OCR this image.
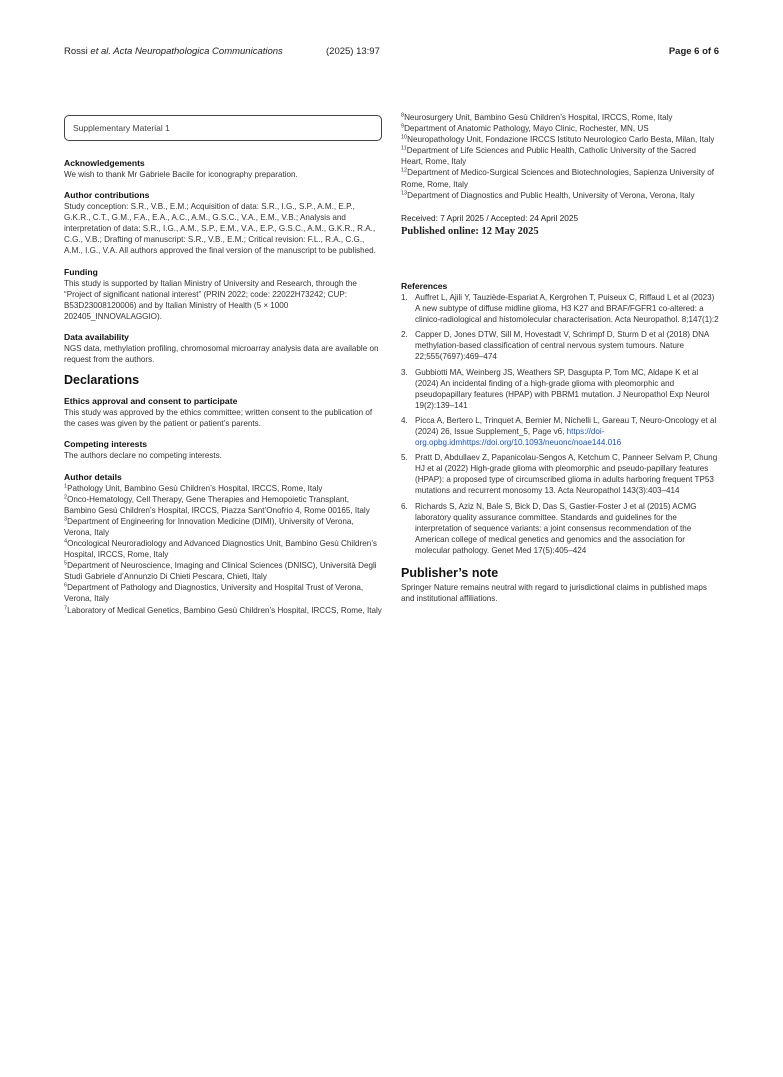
Rossi et al. Acta Neuropathologica Communications	(2025) 13:97	Page 6 of 6
Supplementary Material 1
Acknowledgements

We wish to thank Mr Gabriele Bacile for iconography preparation.

Author contributions

Study conception: S.R., V.B., E.M.; Acquisition of data: S.R., I.G., S.P., A.M., E.P., G.K.R., C.T., G.M., F.A., E.A., A.C., A.M., G.S.C., V.A., E.M., V.B.; Analysis and interpretation of data: S.R., I.G., A.M., S.P., E.M., V.A., E.P., G.S.C., A.M., G.K.R., R.A., C.G., V.B.; Drafting of manuscript: S.R., V.B., E.M.; Critical revision: F.L., R.A., C.G., A.M., I.G., V.A. All authors approved the final version of the manuscript to be published.

Funding

This study is supported by Italian Ministry of University and Research, through the “Project of significant national interest” (PRIN 2022; code: 22022H73242; CUP: B53D23008120006) and by Italian Ministry of Health (5 × 1000 202405_INNOVALAGGIO).

Data availability

NGS data, methylation profiling, chromosomal microarray analysis data are available on request from the authors.

Declarations
Ethics approval and consent to participate

This study was approved by the ethics committee; written consent to the publication of the cases was given by the patient or patient’s parents.

Competing interests

The authors declare no competing interests.

Author details

$^1$Pathology Unit, Bambino Gesù Children’s Hospital, IRCCS, Rome, Italy

$^2$Onco-Hematology, Cell Therapy, Gene Therapies and Hemopoietic Transplant, Bambino Gesù Children’s Hospital, IRCCS, Piazza Sant’Onofrio 4, Rome 00165, Italy

$^3$Department of Engineering for Innovation Medicine (DIMI), University of Verona, Verona, Italy

$^4$Oncological Neuroradiology and Advanced Diagnostics Unit, Bambino Gesù Children’s Hospital, IRCCS, Rome, Italy

$^5$Department of Neuroscience, Imaging and Clinical Sciences (DNISC), Università Degli Studi Gabriele d’Annunzio Di Chieti Pescara, Chieti, Italy

$^6$Department of Pathology and Diagnostics, University and Hospital Trust of Verona, Verona, Italy

$^7$Laboratory of Medical Genetics, Bambino Gesù Children’s Hospital, IRCCS, Rome, Italy

$^8$Neurosurgery Unit, Bambino Gesù Children’s Hospital, IRCCS, Rome, Italy

$^9$Department of Anatomic Pathology, Mayo Clinic, Rochester, MN, US

$^{10}$Neuropathology Unit, Fondazione IRCCS Istituto Neurologico Carlo Besta, Milan, Italy

$^{11}$Department of Life Sciences and Public Health, Catholic University of the Sacred Heart, Rome, Italy

$^{12}$Department of Medico-Surgical Sciences and Biotechnologies, Sapienza University of Rome, Rome, Italy

$^{13}$Department of Diagnostics and Public Health, University of Verona, Verona, Italy

Received: 7 April 2025 / Accepted: 24 April 2025

Published online: 12 May 2025

References
1. Auffret L, Ajili Y, Tauziède-Espariat A, Kergrohen T, Puiseux C, Riffaud L et al (2023) A new subtype of diffuse midline glioma, H3 K27 and BRAF/FGFR1 co-altered: a clinico-radiological and histomolecular characterisation. Acta Neuropathol. 8;147(1):2
2. Capper D, Jones DTW, Sill M, Hovestadt V, Schrimpf D, Sturm D et al (2018) DNA methylation-based classification of central nervous system tumours. Nature 22;555(7697):469–474
3. Gubbiotti MA, Weinberg JS, Weathers SP, Dasgupta P, Tom MC, Aldape K et al (2024) An incidental finding of a high-grade glioma with pleomorphic and pseudopapillary features (HPAP) with PBRM1 mutation. J Neuropathol Exp Neurol 19(2):139–141
4. Picca A, Bertero L, Trinquet A, Bernier M, Nichelli L, Gareau T, Neuro-Oncology et al (2024) 26, Issue Supplement_5, Page v6, https://doi-org.opbg.idmhttps://doi.org/10.1093/neuonc/noae144.016
5. Pratt D, Abdullaev Z, Papanicolau-Sengos A, Ketchum C, Panneer Selvam P, Chung HJ et al (2022) High-grade glioma with pleomorphic and pseudo-papillary features (HPAP): a proposed type of circumscribed glioma in adults harboring frequent TP53 mutations and recurrent monosomy 13. Acta Neuropathol 143(3):403–414
6. Richards S, Aziz N, Bale S, Bick D, Das S, Gastier-Foster J et al (2015) ACMG laboratory quality assurance committee. Standards and guidelines for the interpretation of sequence variants: a joint consensus recommendation of the American college of medical genetics and genomics and the association for molecular pathology. Genet Med 17(5):405–424
Publisher’s note

Springer Nature remains neutral with regard to jurisdictional claims in published maps and institutional affiliations.
